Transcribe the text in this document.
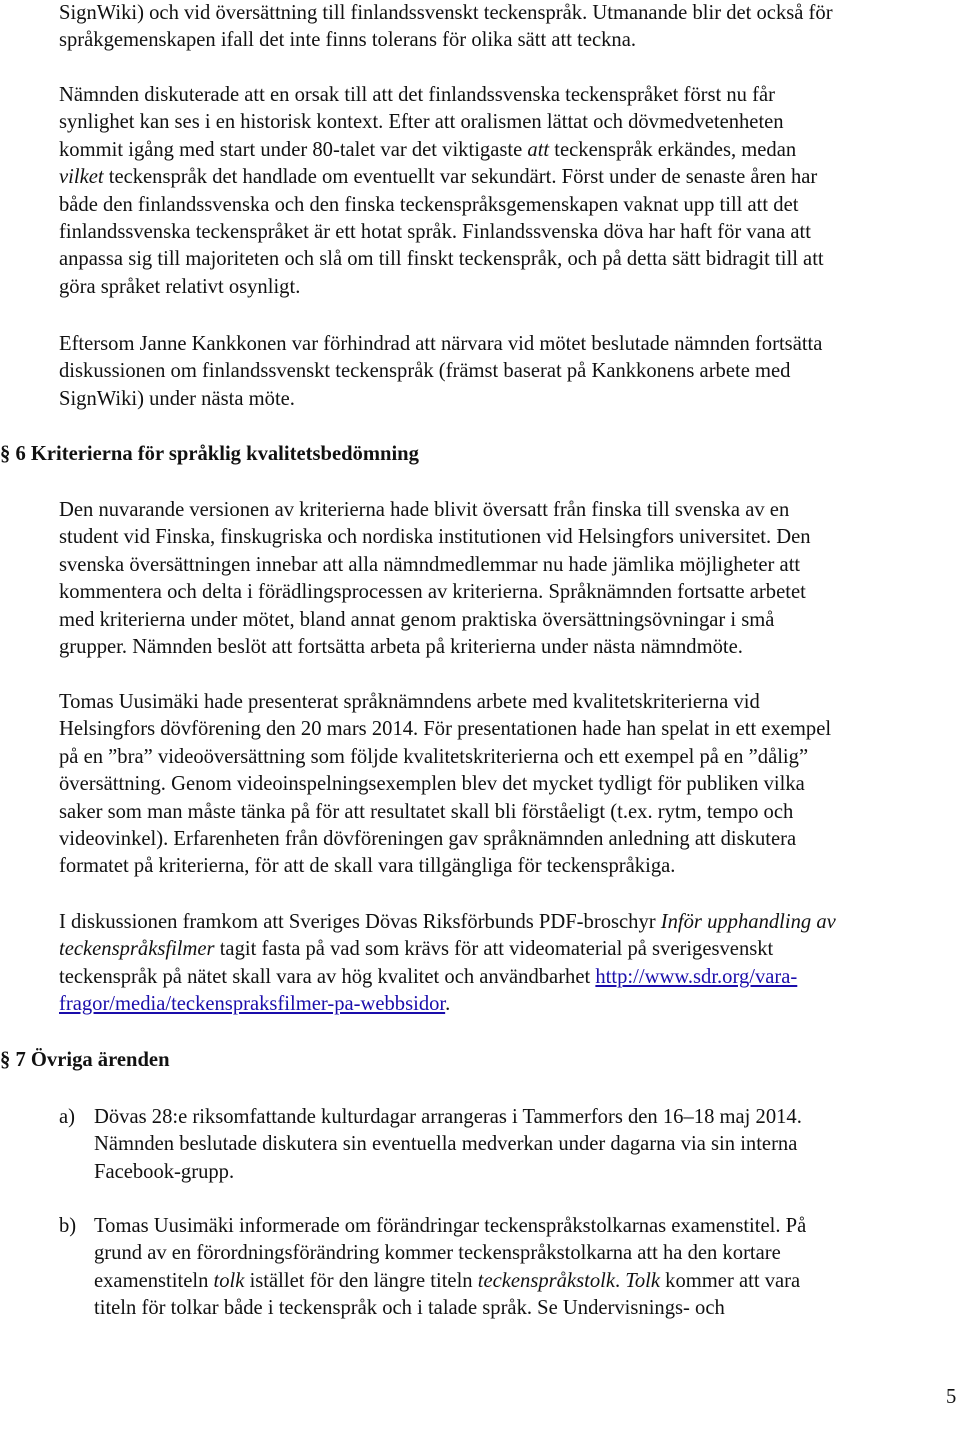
SignWiki) och vid översättning till finlandssvenskt teckenspråk. Utmanande blir det också för
språkgemenskapen ifall det inte finns tolerans för olika sätt att teckna.
Nämnden diskuterade att en orsak till att det finlandssvenska teckenspråket först nu får
synlighet kan ses i en historisk kontext. Efter att oralismen lättat och dövmedvetenheten
kommit igång med start under 80-talet var det viktigaste att teckenspråk erkändes, medan
vilket teckenspråk det handlade om eventuellt var sekundärt. Först under de senaste åren har
både den finlandssvenska och den finska teckenspråksgemenskapen vaknat upp till att det
finlandssvenska teckenspråket är ett hotat språk. Finlandssvenska döva har haft för vana att
anpassa sig till majoriteten och slå om till finskt teckenspråk, och på detta sätt bidragit till att
göra språket relativt osynligt.
Eftersom Janne Kankkonen var förhindrad att närvara vid mötet beslutade nämnden fortsätta
diskussionen om finlandssvenskt teckenspråk (främst baserat på Kankkonens arbete med
SignWiki) under nästa möte.
§ 6 Kriterierna för språklig kvalitetsbedömning
Den nuvarande versionen av kriterierna hade blivit översatt från finska till svenska av en
student vid Finska, finskugriska och nordiska institutionen vid Helsingfors universitet. Den
svenska översättningen innebar att alla nämndmedlemmar nu hade jämlika möjligheter att
kommentera och delta i förädlingsprocessen av kriterierna. Språknämnden fortsatte arbetet
med kriterierna under mötet, bland annat genom praktiska översättningsövningar i små
grupper. Nämnden beslöt att fortsätta arbeta på kriterierna under nästa nämndmöte.
Tomas Uusimäki hade presenterat språknämndens arbete med kvalitetskriterierna vid
Helsingfors dövförening den 20 mars 2014. För presentationen hade han spelat in ett exempel
på en ”bra” videoöversättning som följde kvalitetskriterierna och ett exempel på en ”dålig”
översättning. Genom videoinspelningsexemplen blev det mycket tydligt för publiken vilka
saker som man måste tänka på för att resultatet skall bli förståeligt (t.ex. rytm, tempo och
videovinkel). Erfarenheten från dövföreningen gav språknämnden anledning att diskutera
formatet på kriterierna, för att de skall vara tillgängliga för teckenspråkiga.
I diskussionen framkom att Sveriges Dövas Riksförbunds PDF-broschyr Inför upphandling av
teckenspråksfilmer tagit fasta på vad som krävs för att videomaterial på sverigesvenskt
teckenspråk på nätet skall vara av hög kvalitet och användbarhet http://www.sdr.org/vara-
fragor/media/teckenspraksfilmer-pa-webbsidor.
§ 7 Övriga ärenden
a) Dövas 28:e riksomfattande kulturdagar arrangeras i Tammerfors den 16–18 maj 2014.
Nämnden beslutade diskutera sin eventuella medverkan under dagarna via sin interna
Facebook-grupp.
b) Tomas Uusimäki informerade om förändringar teckenspråkstolkarnas examenstitel. På
grund av en förordningsförändring kommer teckenspråkstolkarna att ha den kortare
examenstiteln tolk istället för den längre titeln teckenspråkstolk. Tolk kommer att vara
titeln för tolkar både i teckenspråk och i talade språk. Se Undervisnings- och
5
